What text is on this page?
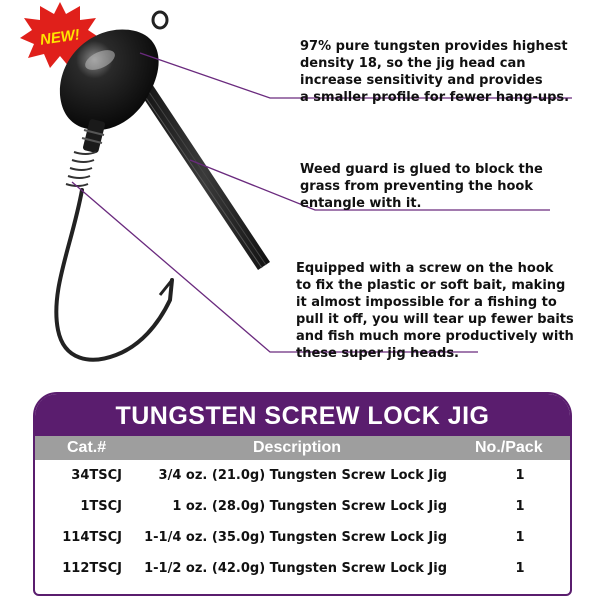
NEW!	97% pure tungsten provides highest
density 18, so the jig head can
increase sensitivity and provides
a smaller profile for fewer hang-ups.
Weed guard is glued to block the
grass from preventing the hook
entangle with it.
Equipped with a screw on the hook
to fix the plastic or soft bait, making
it almost impossible for a fishing to
pull it off, you will tear up fewer baits
and fish much more productively with
these super jig heads.
TUNGSTEN SCREW LOCK JIG
Cat.#	Description	No./Pack
34TSCJ	3/4 oz. (21.0g) Tungsten Screw Lock Jig	1
1TSCJ	1 oz. (28.0g) Tungsten Screw Lock Jig	1
114TSCJ 1-1/4 oz. (35.0g) Tungsten Screw Lock Jig	1
112TSCJ 1-1/2 oz. (42.0g) Tungsten Screw Lock Jig	1
